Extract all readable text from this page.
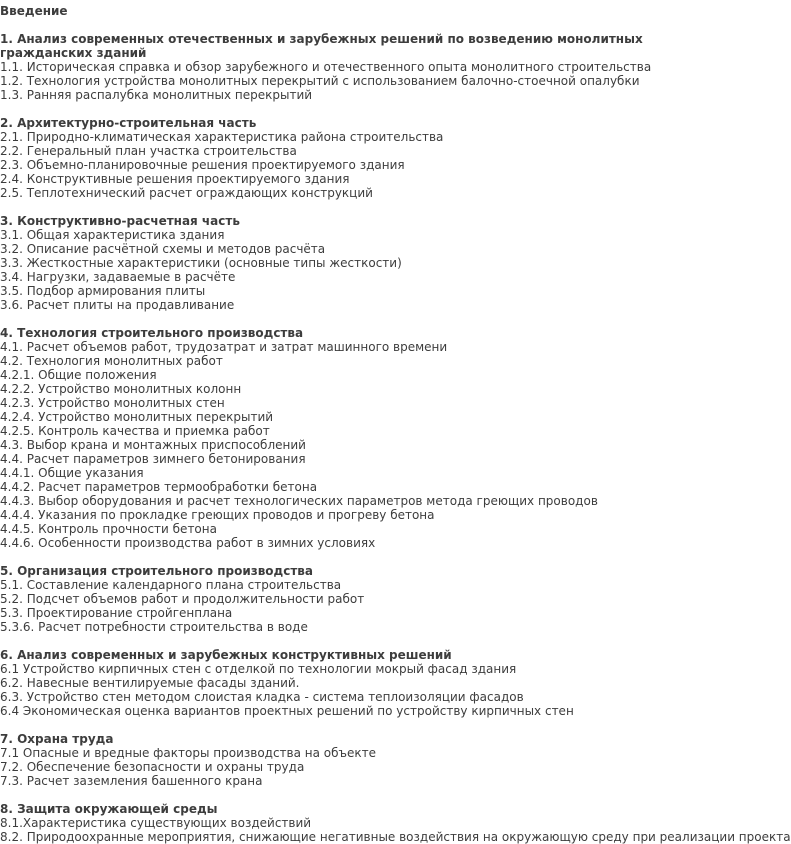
Введение
1. Анализ современных отечественных и зарубежных решений по возведению монолитных гражданских зданий
1.1. Историческая справка и обзор зарубежного и отечественного опыта монолитного строительства
1.2. Технология устройства монолитных перекрытий с использованием балочно-стоечной опалубки
1.3. Ранняя распалубка монолитных перекрытий
2. Архитектурно-строительная часть
2.1. Природно-климатическая характеристика района строительства
2.2. Генеральный план участка строительства
2.3. Объемно-планировочные решения проектируемого здания
2.4. Конструктивные решения проектируемого здания
2.5. Теплотехнический расчет ограждающих конструкций
3. Конструктивно-расчетная часть
3.1. Общая характеристика здания
3.2. Описание расчётной схемы и методов расчёта
3.3. Жесткостные характеристики (основные типы жесткости)
3.4. Нагрузки, задаваемые в расчёте
3.5. Подбор армирования плиты
3.6. Расчет плиты на продавливание
4. Технология строительного производства
4.1. Расчет объемов работ, трудозатрат и затрат машинного времени
4.2. Технология монолитных работ
4.2.1. Общие положения
4.2.2. Устройство монолитных колонн
4.2.3. Устройство монолитных стен
4.2.4. Устройство монолитных перекрытий
4.2.5. Контроль качества и приемка работ
4.3. Выбор крана и монтажных приспособлений
4.4. Расчет параметров зимнего бетонирования
4.4.1. Общие указания
4.4.2. Расчет параметров термообработки бетона
4.4.3. Выбор оборудования и расчет технологических параметров метода греющих проводов
4.4.4. Указания по прокладке греющих проводов и прогреву бетона
4.4.5. Контроль прочности бетона
4.4.6. Особенности производства работ в зимних условиях
5. Организация строительного производства
5.1. Составление календарного плана строительства
5.2. Подсчет объемов работ и продолжительности работ
5.3. Проектирование стройгенплана
5.3.6. Расчет потребности строительства в воде
6. Анализ современных и зарубежных конструктивных решений
6.1 Устройство кирпичных стен с отделкой по технологии мокрый фасад здания
6.2. Навесные вентилируемые фасады зданий.
6.3. Устройство стен методом слоистая кладка - система теплоизоляции фасадов
6.4 Экономическая оценка вариантов проектных решений по устройству кирпичных стен
7. Охрана труда
7.1 Опасные и вредные факторы производства на объекте
7.2. Обеспечение безопасности и охраны труда
7.3. Расчет заземления башенного крана
8. Защита окружающей среды
8.1.Характеристика существующих воздействий
8.2. Природоохранные мероприятия, снижающие негативные воздействия на окружающую среду при реализации проекта
